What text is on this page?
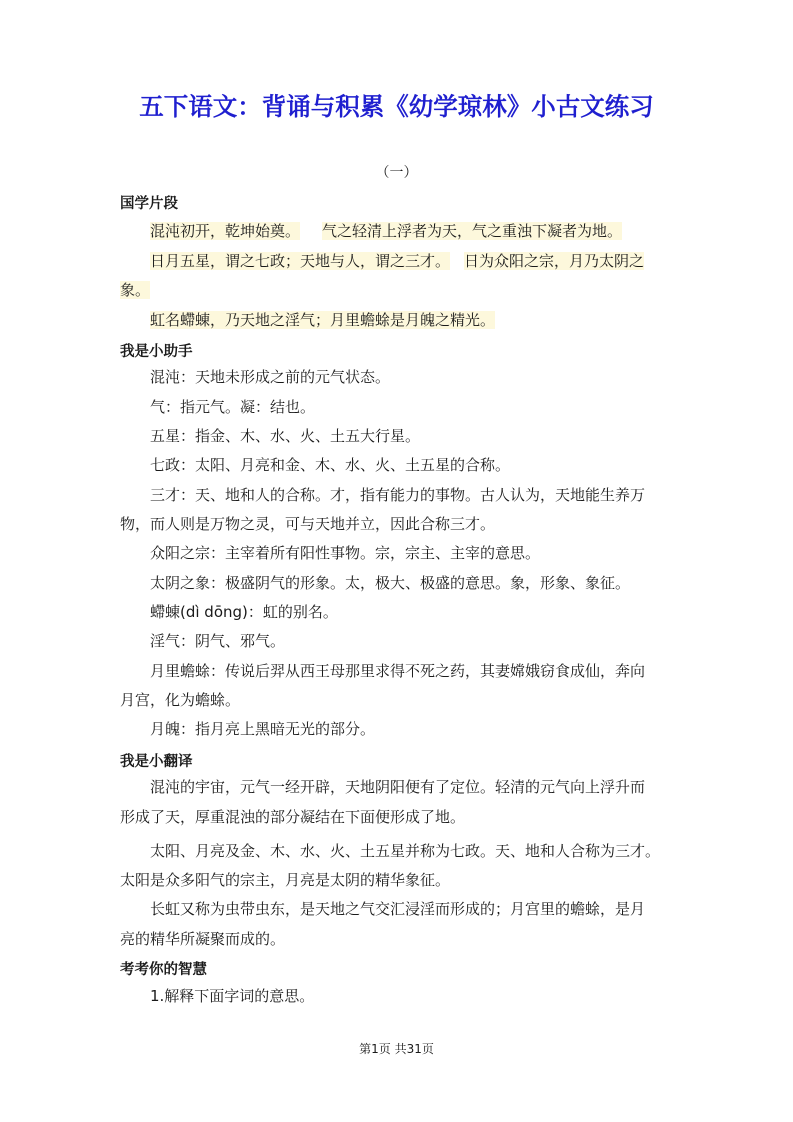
五下语文：背诵与积累《幼学琼林》小古文练习
（一）
国学片段
混沌初开，乾坤始奠。 气之轻清上浮者为天，气之重浊下凝者为地。
日月五星，谓之七政；天地与人，谓之三才。 日为众阳之宗，月乃太阴之
象。
虹名螮蝀，乃天地之淫气；月里蟾蜍是月魄之精光。
我是小助手
混沌：天地未形成之前的元气状态。
气：指元气。凝：结也。
五星：指金、木、水、火、土五大行星。
七政：太阳、月亮和金、木、水、火、土五星的合称。
三才：天、地和人的合称。才，指有能力的事物。古人认为，天地能生养万
物，而人则是万物之灵，可与天地并立，因此合称三才。
众阳之宗：主宰着所有阳性事物。宗，宗主、主宰的意思。
太阴之象：极盛阴气的形象。太，极大、极盛的意思。象，形象、象征。
螮蝀(dì dōng)：虹的别名。
淫气：阴气、邪气。
月里蟾蜍：传说后羿从西王母那里求得不死之药，其妻嫦娥窃食成仙，奔向
月宫，化为蟾蜍。
月魄：指月亮上黑暗无光的部分。
我是小翻译
混沌的宇宙，元气一经开辟，天地阴阳便有了定位。轻清的元气向上浮升而
形成了天，厚重混浊的部分凝结在下面便形成了地。
太阳、月亮及金、木、水、火、土五星并称为七政。天、地和人合称为三才。
太阳是众多阳气的宗主，月亮是太阴的精华象征。
长虹又称为虫带虫东，是天地之气交汇浸淫而形成的；月宫里的蟾蜍，是月
亮的精华所凝聚而成的。
考考你的智慧
1.解释下面字词的意思。
第1页 共31页
